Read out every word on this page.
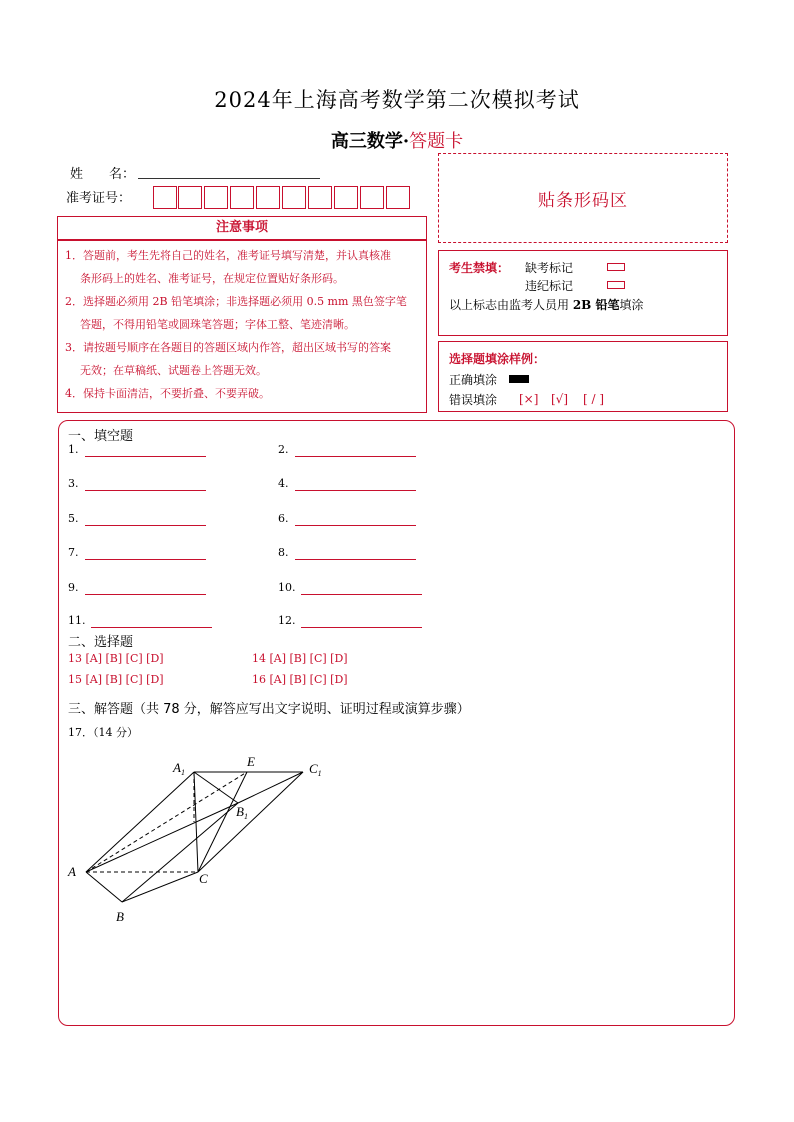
2024年上海高考数学第二次模拟考试
高三数学·答题卡
姓　　名：
准考证号：	贴条形码区
注意事项
1．答题前，考生先将自己的姓名，准考证号填写清楚，并认真核准
条形码上的姓名、准考证号，在规定位置贴好条形码。
2．选择题必须用 2B 铅笔填涂；非选择题必须用 0.5 mm 黑色签字笔
答题，不得用铅笔或圆珠笔答题；字体工整、笔迹清晰。
3．请按题号顺序在各题目的答题区域内作答，超出区域书写的答案
无效；在草稿纸、试题卷上答题无效。
4．保持卡面清洁，不要折叠、不要弄破。
考生禁填： 缺考标记
违纪标记
以上标志由监考人员用 2B 铅笔填涂
选择题填涂样例：
正确填涂
错误填涂 [×] [√] [ / ]
一、填空题
1.	2.
3.	4.
5.	6.
7.	8.
9.	10.
11.	12.
二、选择题
13 [A] [B] [C] [D]	14 [A] [B] [C] [D]
15 [A] [B] [C] [D]	16 [A] [B] [C] [D]
三、解答题（共 78 分，解答应写出文字说明、证明过程或演算步骤）
17．（14 分）
$A_1$
E	$C_1$
$B_1$
A
B
C
